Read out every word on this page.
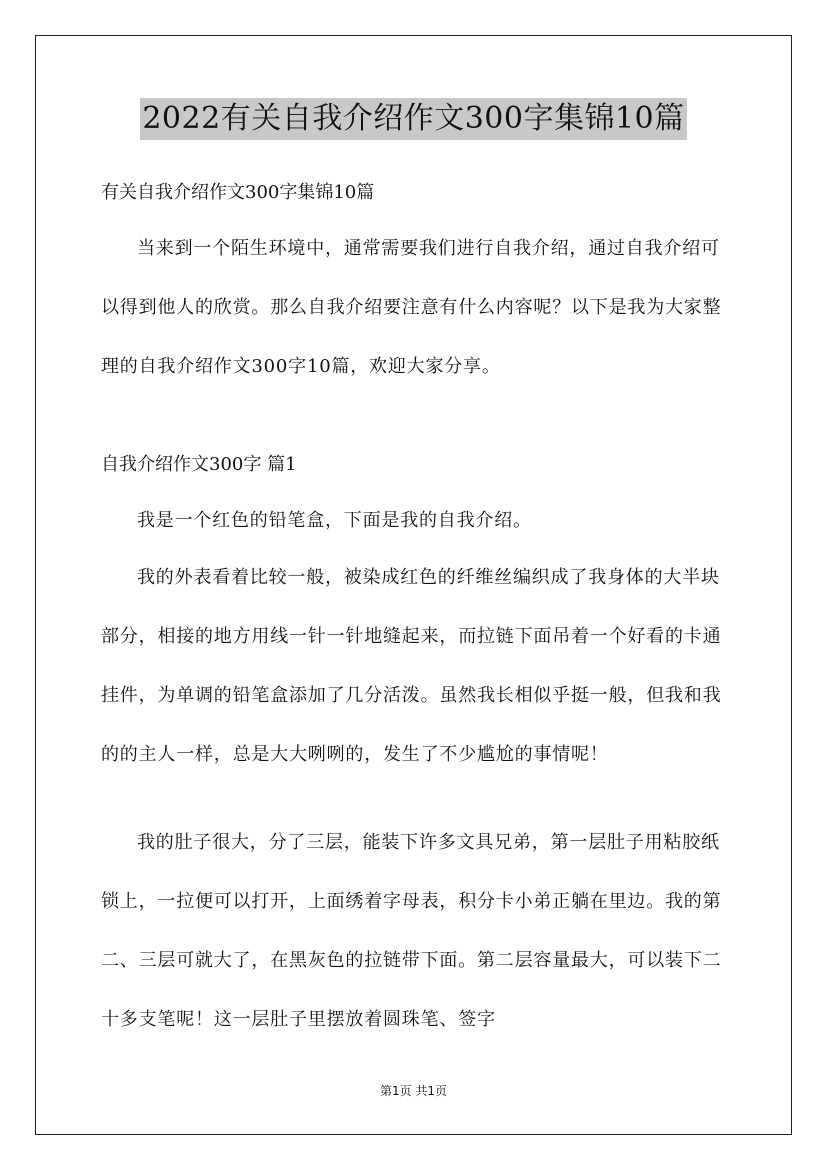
2022有关自我介绍作文300字集锦10篇
有关自我介绍作文300字集锦10篇

当来到一个陌生环境中，通常需要我们进行自我介绍，通过自我介绍可以得到他人的欣赏。那么自我介绍要注意有什么内容呢？以下是我为大家整理的自我介绍作文300字10篇，欢迎大家分享。

自我介绍作文300字 篇1

我是一个红色的铅笔盒，下面是我的自我介绍。

我的外表看着比较一般，被染成红色的纤维丝编织成了我身体的大半块部分，相接的地方用线一针一针地缝起来，而拉链下面吊着一个好看的卡通挂件，为单调的铅笔盒添加了几分活泼。虽然我长相似乎挺一般，但我和我的的主人一样，总是大大咧咧的，发生了不少尴尬的事情呢！

我的肚子很大，分了三层，能装下许多文具兄弟，第一层肚子用粘胶纸锁上，一拉便可以打开，上面绣着字母表，积分卡小弟正躺在里边。我的第二、三层可就大了，在黑灰色的拉链带下面。第二层容量最大，可以装下二十多支笔呢！这一层肚子里摆放着圆珠笔、签字

第1页 共1页
